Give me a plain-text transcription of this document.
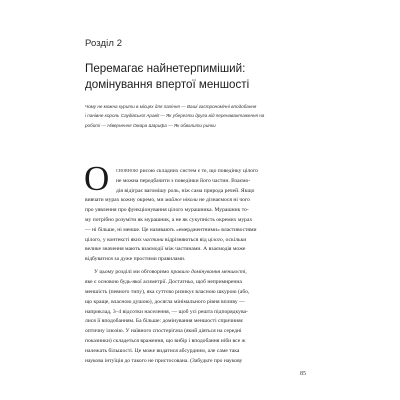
Розділ 2
Перемагає найнетерпиміший:
домінування впертої меншості
Чому не можна курити в місцях для паління — Ваші гастрономічні вподобання
і панівне король Саудівської Аравії — Як уберегти друга від перенавантаження на
роботі — Нівернення Омара Шарифа — Як обвалити ринки
О	сновною рисою складних систем є те, що поведінку цілого
не можна передбачити з поведінки його частин. Взаємо-
дія відіграє вагомішу роль, ніж сама природа речей. Якщо
вивчати мурах кожну окремо, ми майже ніколи не дізнаємося ні чого
про уявлення про функціонування цілого мурашника. Мурашник то-
му потрібно розуміти як мурашник, а не як сукупність окремих мурах
— ні більше, ні менше. Це називають «емерджентними» властивостями
цілого, у контексті яких частини відрізняються від цілого, оскільки
велике значення мають взаємодії між частинами. А взаємодія може
відбуватися за дуже простими правилами.
У цьому розділі ми обговоримо правило домінування меншості,
яке є основою будь-якої асиметрії. Достатньо, щоб непримиренна
меншість (певного типу), яка суттєво ризикує власною шкурою (або,
що краще, власною душою), досягла мінімального рівня впливу —
наприклад, 3–4 відсотки населення, — щоб усі решта підпорядкува-
лися її вподобанням. Ба більше: домінування меншості спричиняє
оптичну ілюзію. У наївного спостерігача (який діяться на середні
показники) складеться враження, що вибір і вподобання ніби все ж
належать більшості. Це може видатися абсурдним, але саме така
наукова інтуїція до такого не пристосована. (Забудьте про наукову
85
